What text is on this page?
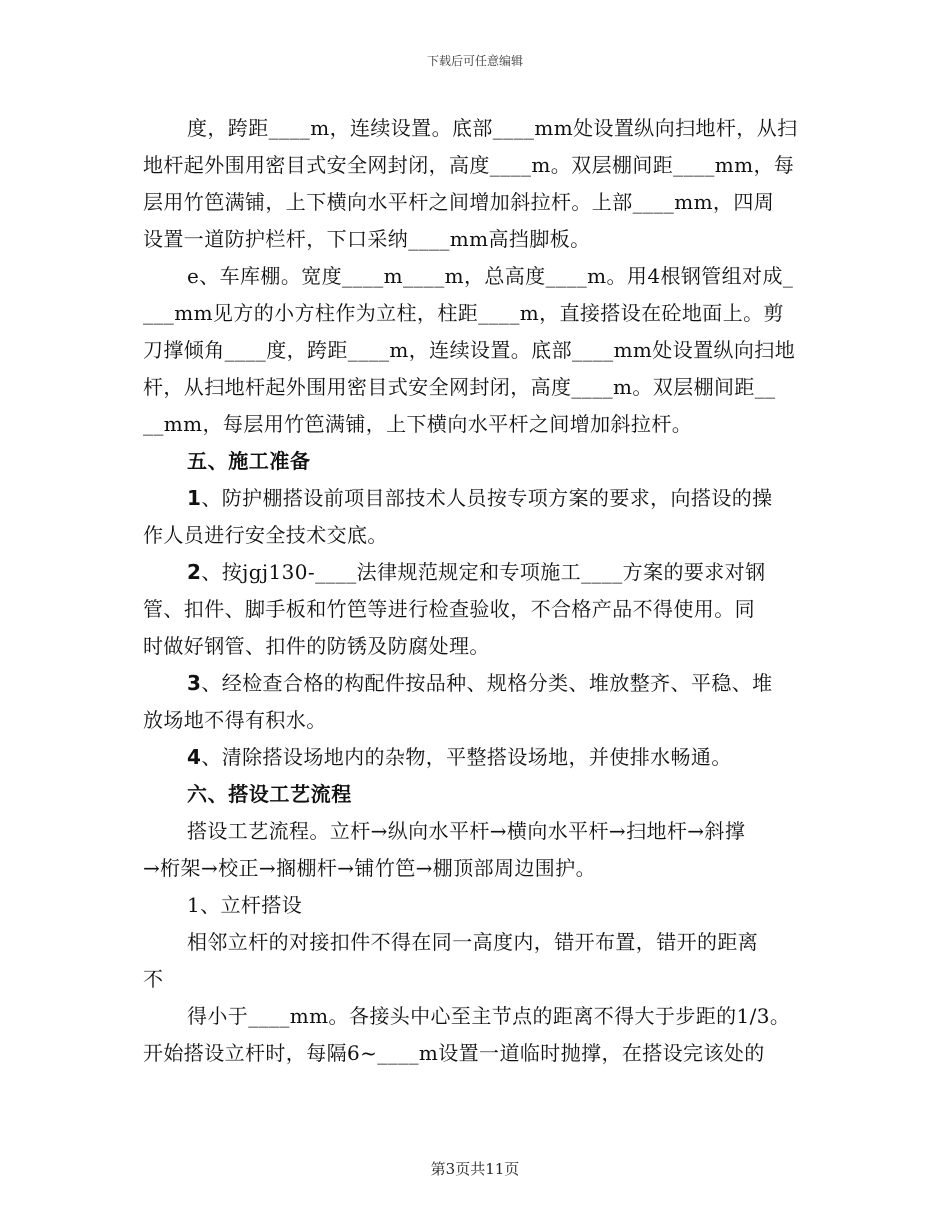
下载后可任意编辑
度，跨距____m，连续设置。底部____mm处设置纵向扫地杆，从扫
地杆起外围用密目式安全网封闭，高度____m。双层棚间距____mm，每
层用竹笆满铺，上下横向水平杆之间增加斜拉杆。上部____mm，四周
设置一道防护栏杆，下口采纳____mm高挡脚板。
e、车库棚。宽度____m____m，总高度____m。用4根钢管组对成_
___mm见方的小方柱作为立柱，柱距____m，直接搭设在砼地面上。剪
刀撑倾角____度，跨距____m，连续设置。底部____mm处设置纵向扫地
杆，从扫地杆起外围用密目式安全网封闭，高度____m。双层棚间距__
__mm，每层用竹笆满铺，上下横向水平杆之间增加斜拉杆。
五、施工准备
1、防护棚搭设前项目部技术人员按专项方案的要求，向搭设的操
作人员进行安全技术交底。
2、按jgj130-____法律规范规定和专项施工____方案的要求对钢
管、扣件、脚手板和竹笆等进行检查验收，不合格产品不得使用。同
时做好钢管、扣件的防锈及防腐处理。
3、经检查合格的构配件按品种、规格分类、堆放整齐、平稳、堆
放场地不得有积水。
4、清除搭设场地内的杂物，平整搭设场地，并使排水畅通。
六、搭设工艺流程
搭设工艺流程。立杆→纵向水平杆→横向水平杆→扫地杆→斜撑
→桁架→校正→搁棚杆→铺竹笆→棚顶部周边围护。
1、立杆搭设
相邻立杆的对接扣件不得在同一高度内，错开布置，错开的距离
不
得小于____mm。各接头中心至主节点的距离不得大于步距的1/3。
开始搭设立杆时，每隔6~____m设置一道临时抛撑，在搭设完该处的
第3页共11页
